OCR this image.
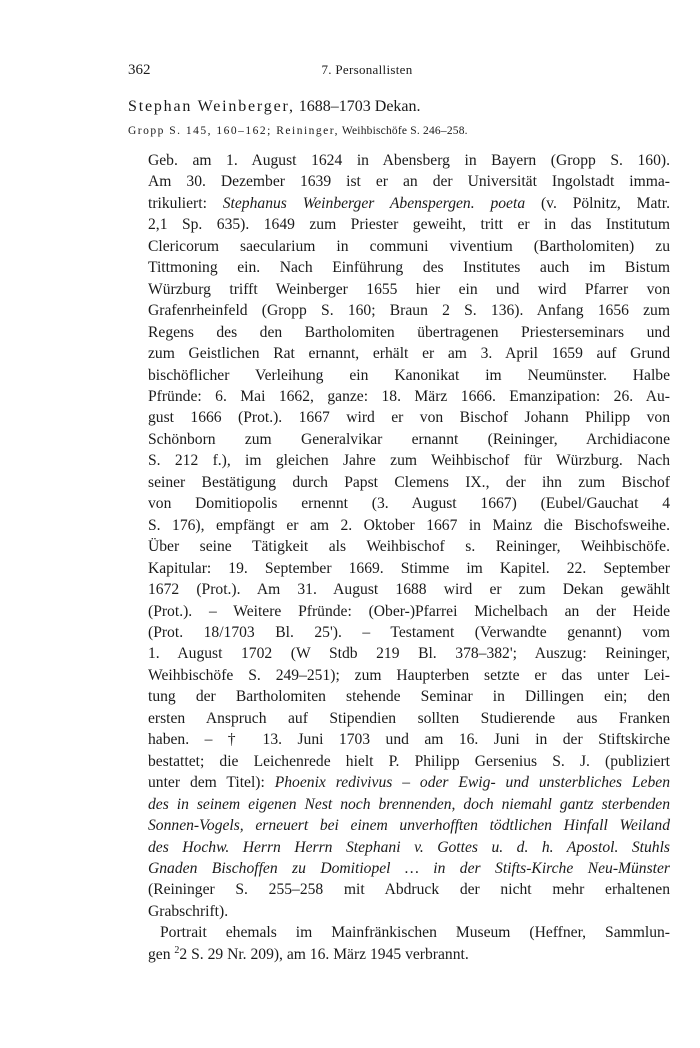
362	7. Personallisten
Stephan Weinberger, 1688–1703 Dekan.
Gropp S. 145, 160–162; Reininger, Weihbischöfe S. 246–258.
Geb. am 1. August 1624 in Abensberg in Bayern (Gropp S. 160).
Am 30. Dezember 1639 ist er an der Universität Ingolstadt imma-
trikuliert: Stephanus Weinberger Abenspergen. poeta (v. Pölnitz, Matr.
2,1 Sp. 635). 1649 zum Priester geweiht, tritt er in das Institutum
Clericorum saecularium in communi viventium (Bartholomiten) zu
Tittmoning ein. Nach Einführung des Institutes auch im Bistum
Würzburg trifft Weinberger 1655 hier ein und wird Pfarrer von
Grafenrheinfeld (Gropp S. 160; Braun 2 S. 136). Anfang 1656 zum
Regens des den Bartholomiten übertragenen Priesterseminars und
zum Geistlichen Rat ernannt, erhält er am 3. April 1659 auf Grund
bischöflicher Verleihung ein Kanonikat im Neumünster. Halbe
Pfründe: 6. Mai 1662, ganze: 18. März 1666. Emanzipation: 26. Au-
gust 1666 (Prot.). 1667 wird er von Bischof Johann Philipp von
Schönborn zum Generalvikar ernannt (Reininger, Archidiacone
S. 212 f.), im gleichen Jahre zum Weihbischof für Würzburg. Nach
seiner Bestätigung durch Papst Clemens IX., der ihn zum Bischof
von Domitiopolis ernennt (3. August 1667) (Eubel/Gauchat 4
S. 176), empfängt er am 2. Oktober 1667 in Mainz die Bischofsweihe.
Über seine Tätigkeit als Weihbischof s. Reininger, Weihbischöfe.
Kapitular: 19. September 1669. Stimme im Kapitel. 22. September
1672 (Prot.). Am 31. August 1688 wird er zum Dekan gewählt
(Prot.). – Weitere Pfründe: (Ober-)Pfarrei Michelbach an der Heide
(Prot. 18/1703 Bl. 25'). – Testament (Verwandte genannt) vom
1. August 1702 (W Stdb 219 Bl. 378–382'; Auszug: Reininger,
Weihbischöfe S. 249–251); zum Haupterben setzte er das unter Lei-
tung der Bartholomiten stehende Seminar in Dillingen ein; den
ersten Anspruch auf Stipendien sollten Studierende aus Franken
haben. – † 13. Juni 1703 und am 16. Juni in der Stiftskirche
bestattet; die Leichenrede hielt P. Philipp Gersenius S. J. (publiziert
unter dem Titel): Phoenix redivivus – oder Ewig- und unsterbliches Leben
des in seinem eigenen Nest noch brennenden, doch niemahl gantz sterbenden
Sonnen-Vogels, erneuert bei einem unverhofften tödtlichen Hinfall Weiland
des Hochw. Herrn Herrn Stephani v. Gottes u. d. h. Apostol. Stuhls
Gnaden Bischoffen zu Domitiopel … in der Stifts-Kirche Neu-Münster
(Reininger S. 255–258 mit Abdruck der nicht mehr erhaltenen
Grabschrift).
Portrait ehemals im Mainfränkischen Museum (Heffner, Sammlun-
gen $^2$2 S. 29 Nr. 209), am 16. März 1945 verbrannt.
